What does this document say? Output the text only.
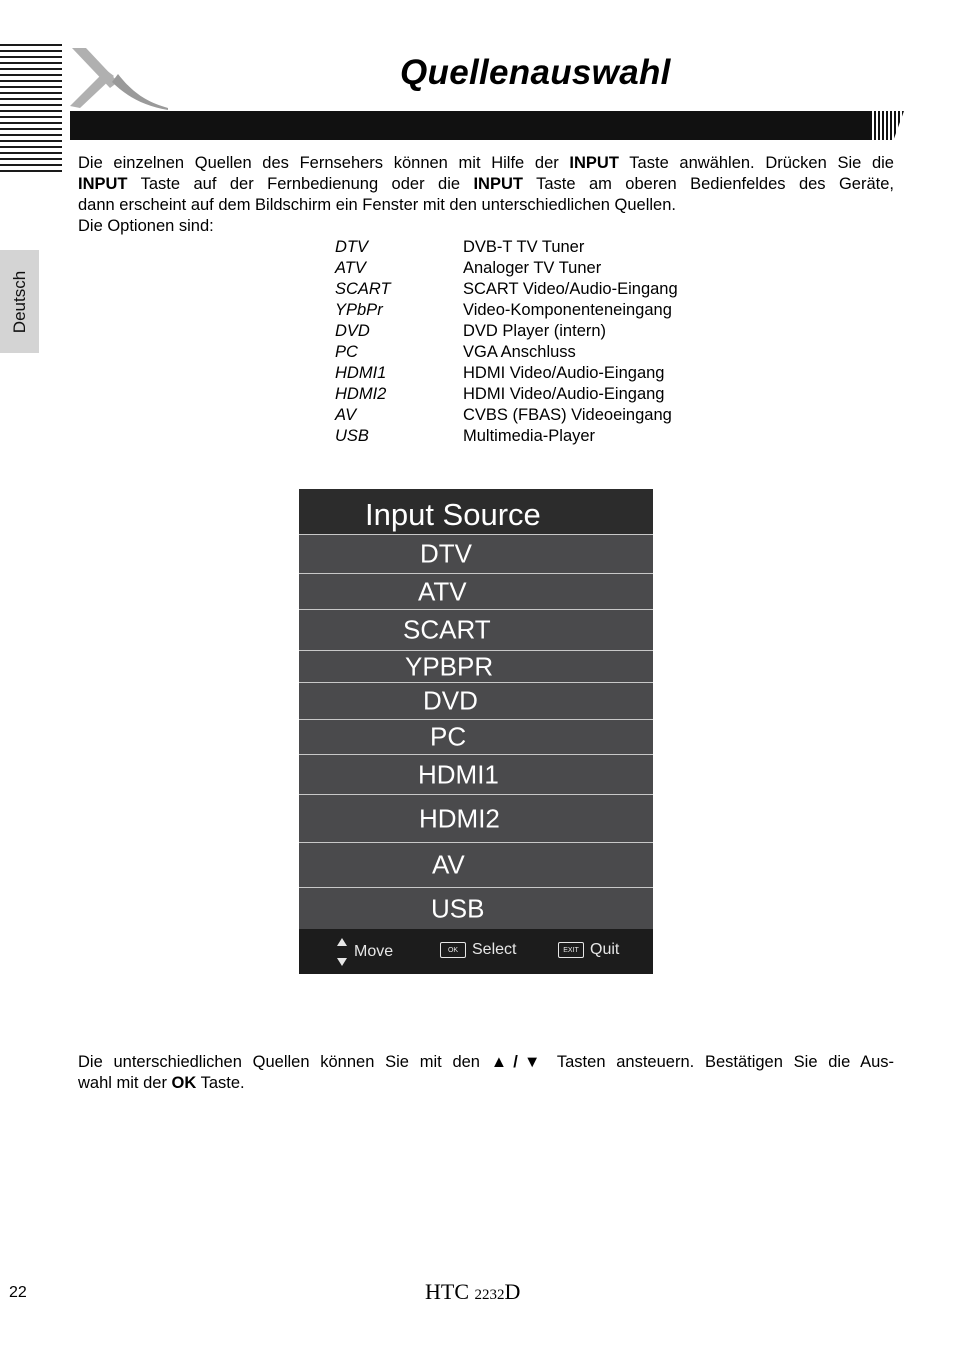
Quellenauswahl
Deutsch
Die einzelnen Quellen des Fernsehers können mit Hilfe der INPUT Taste anwählen. Drücken Sie die
INPUT Taste auf der Fernbedienung oder die INPUT Taste am oberen Bedienfeldes des Geräte,
dann erscheint auf dem Bildschirm ein Fenster mit den unterschiedlichen Quellen.
Die Optionen sind:
DTV	DVB-T TV Tuner
ATV	Analoger TV Tuner
SCART	SCART Video/Audio-Eingang
YPbPr	Video-Komponenteneingang
DVD	DVD Player (intern)
PC	VGA Anschluss
HDMI1	HDMI Video/Audio-Eingang
HDMI2	HDMI Video/Audio-Eingang
AV	CVBS (FBAS) Videoeingang
USB	Multimedia-Player
Input Source
DTV
ATV
SCART
YPBPR
DVD
PC
HDMI1
HDMI2
AV
USB
Move	OK Select	EXIT Quit
Die unterschiedlichen Quellen können Sie mit den ▲/▼ Tasten ansteuern. Bestätigen Sie die Aus-
wahl mit der OK Taste.
22	HTC 2232D
